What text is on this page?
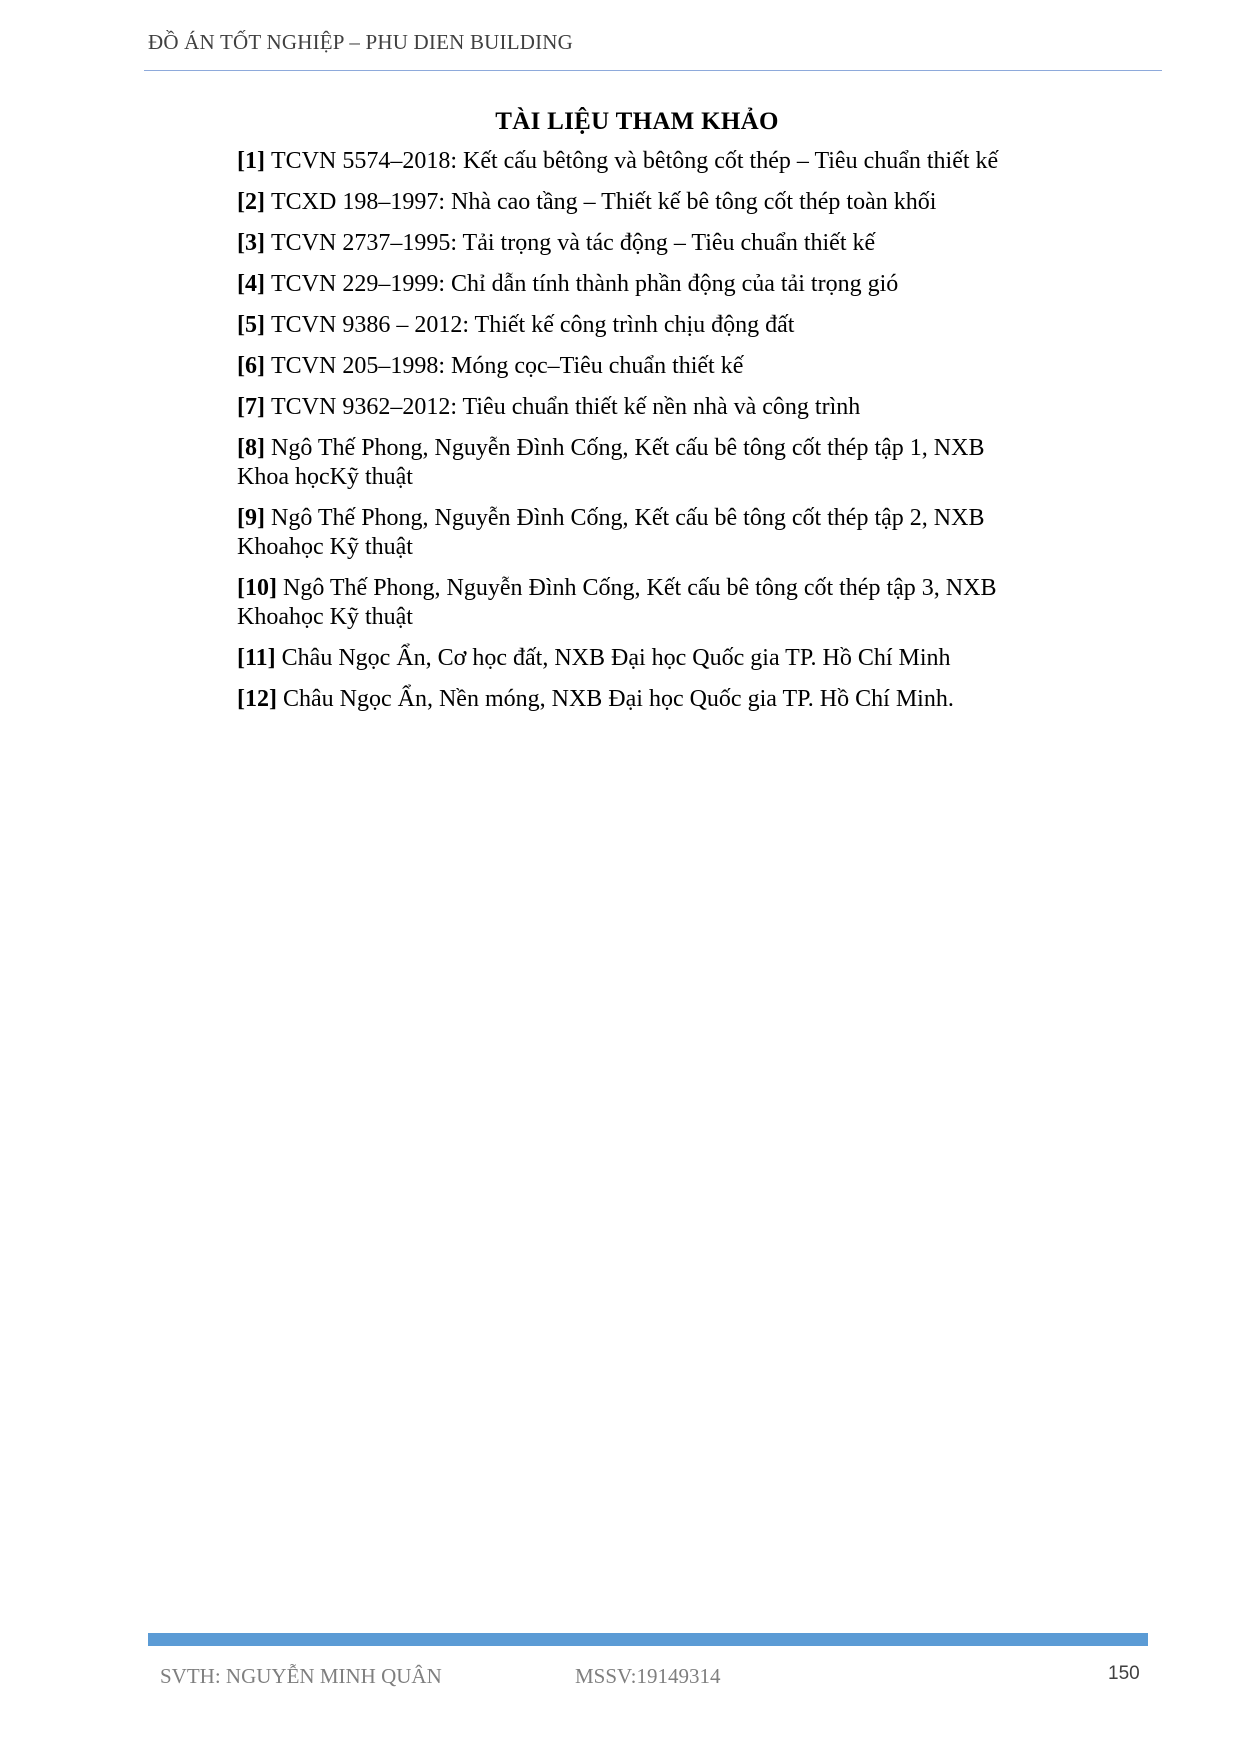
ĐỒ ÁN TỐT NGHIỆP – PHU DIEN BUILDING
TÀI LIỆU THAM KHẢO
[1] TCVN 5574–2018: Kết cấu bêtông và bêtông cốt thép – Tiêu chuẩn thiết kế
[2] TCXD 198–1997: Nhà cao tầng – Thiết kế bê tông cốt thép toàn khối
[3] TCVN 2737–1995: Tải trọng và tác động – Tiêu chuẩn thiết kế
[4] TCVN 229–1999: Chỉ dẫn tính thành phần động của tải trọng gió
[5] TCVN 9386 – 2012: Thiết kế công trình chịu động đất
[6] TCVN 205–1998: Móng cọc–Tiêu chuẩn thiết kế
[7] TCVN 9362–2012: Tiêu chuẩn thiết kế nền nhà và công trình
[8] Ngô Thế Phong, Nguyễn Đình Cống, Kết cấu bê tông cốt thép tập 1, NXB Khoa họcKỹ thuật
[9] Ngô Thế Phong, Nguyễn Đình Cống, Kết cấu bê tông cốt thép tập 2, NXB Khoahọc Kỹ thuật
[10] Ngô Thế Phong, Nguyễn Đình Cống, Kết cấu bê tông cốt thép tập 3, NXB Khoahọc Kỹ thuật
[11] Châu Ngọc Ẩn, Cơ học đất, NXB Đại học Quốc gia TP. Hồ Chí Minh
[12] Châu Ngọc Ẩn, Nền móng, NXB Đại học Quốc gia TP. Hồ Chí Minh.
SVTH: NGUYỄN MINH QUÂN	MSSV:19149314	150
